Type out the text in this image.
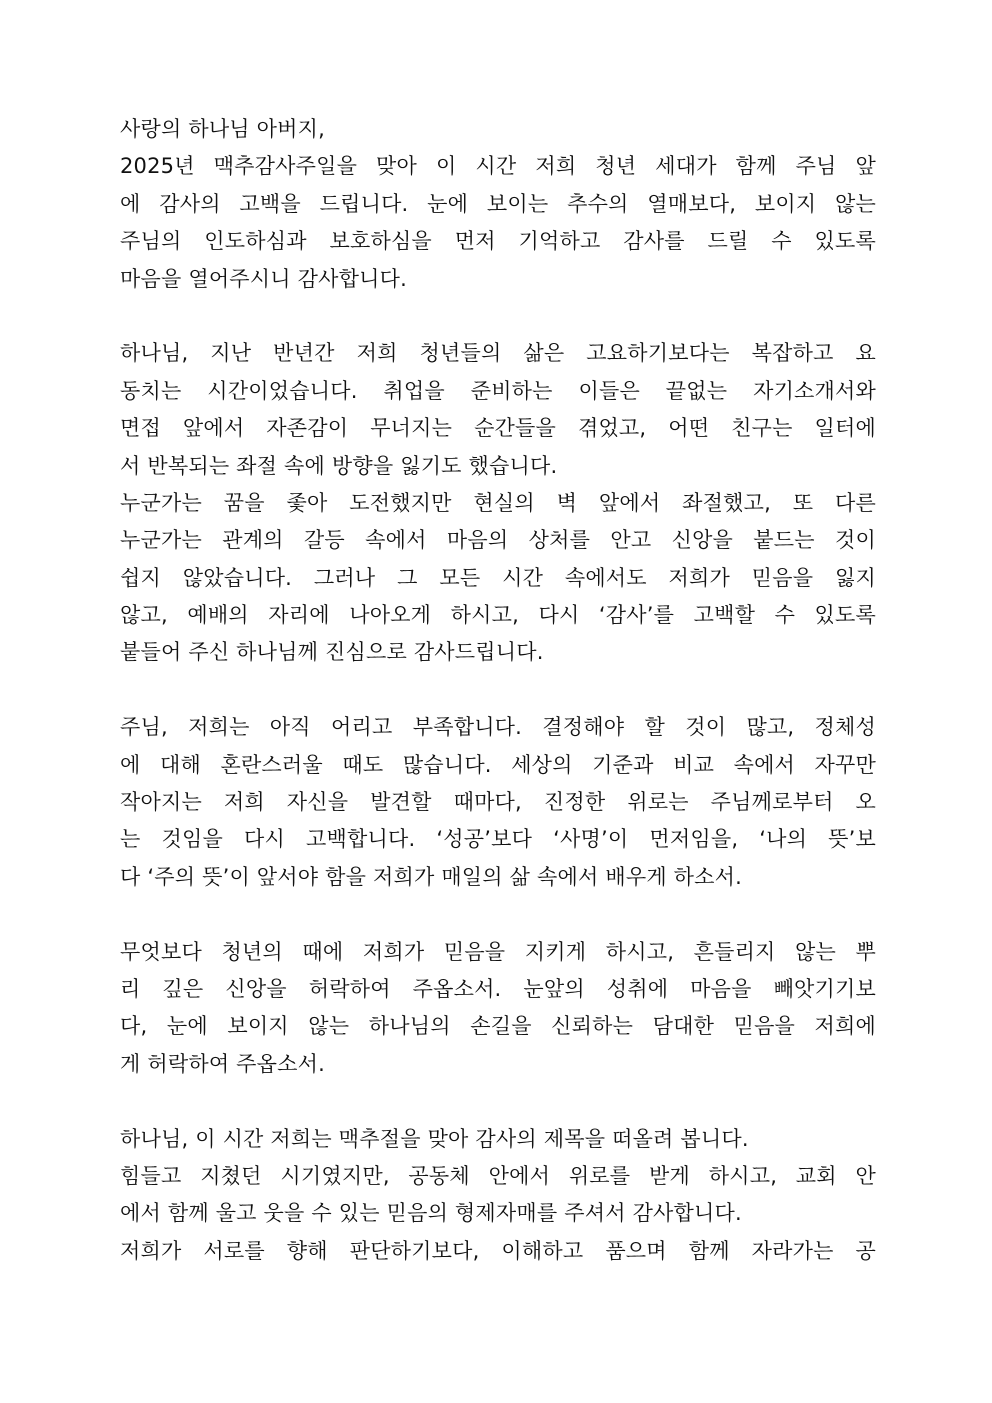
사랑의 하나님 아버지,
2025년 맥추감사주일을 맞아 이 시간 저희 청년 세대가 함께 주님 앞
에 감사의 고백을 드립니다. 눈에 보이는 추수의 열매보다, 보이지 않는
주님의 인도하심과 보호하심을 먼저 기억하고 감사를 드릴 수 있도록
마음을 열어주시니 감사합니다.
하나님, 지난 반년간 저희 청년들의 삶은 고요하기보다는 복잡하고 요
동치는 시간이었습니다. 취업을 준비하는 이들은 끝없는 자기소개서와
면접 앞에서 자존감이 무너지는 순간들을 겪었고, 어떤 친구는 일터에
서 반복되는 좌절 속에 방향을 잃기도 했습니다.
누군가는 꿈을 좇아 도전했지만 현실의 벽 앞에서 좌절했고, 또 다른
누군가는 관계의 갈등 속에서 마음의 상처를 안고 신앙을 붙드는 것이
쉽지 않았습니다. 그러나 그 모든 시간 속에서도 저희가 믿음을 잃지
않고, 예배의 자리에 나아오게 하시고, 다시 ‘감사’를 고백할 수 있도록
붙들어 주신 하나님께 진심으로 감사드립니다.
주님, 저희는 아직 어리고 부족합니다. 결정해야 할 것이 많고, 정체성
에 대해 혼란스러울 때도 많습니다. 세상의 기준과 비교 속에서 자꾸만
작아지는 저희 자신을 발견할 때마다, 진정한 위로는 주님께로부터 오
는 것임을 다시 고백합니다. ‘성공’보다 ‘사명’이 먼저임을, ‘나의 뜻’보
다 ‘주의 뜻’이 앞서야 함을 저희가 매일의 삶 속에서 배우게 하소서.
무엇보다 청년의 때에 저희가 믿음을 지키게 하시고, 흔들리지 않는 뿌
리 깊은 신앙을 허락하여 주옵소서. 눈앞의 성취에 마음을 빼앗기기보
다, 눈에 보이지 않는 하나님의 손길을 신뢰하는 담대한 믿음을 저희에
게 허락하여 주옵소서.
하나님, 이 시간 저희는 맥추절을 맞아 감사의 제목을 떠올려 봅니다.
힘들고 지쳤던 시기였지만, 공동체 안에서 위로를 받게 하시고, 교회 안
에서 함께 울고 웃을 수 있는 믿음의 형제자매를 주셔서 감사합니다.
저희가 서로를 향해 판단하기보다, 이해하고 품으며 함께 자라가는 공
